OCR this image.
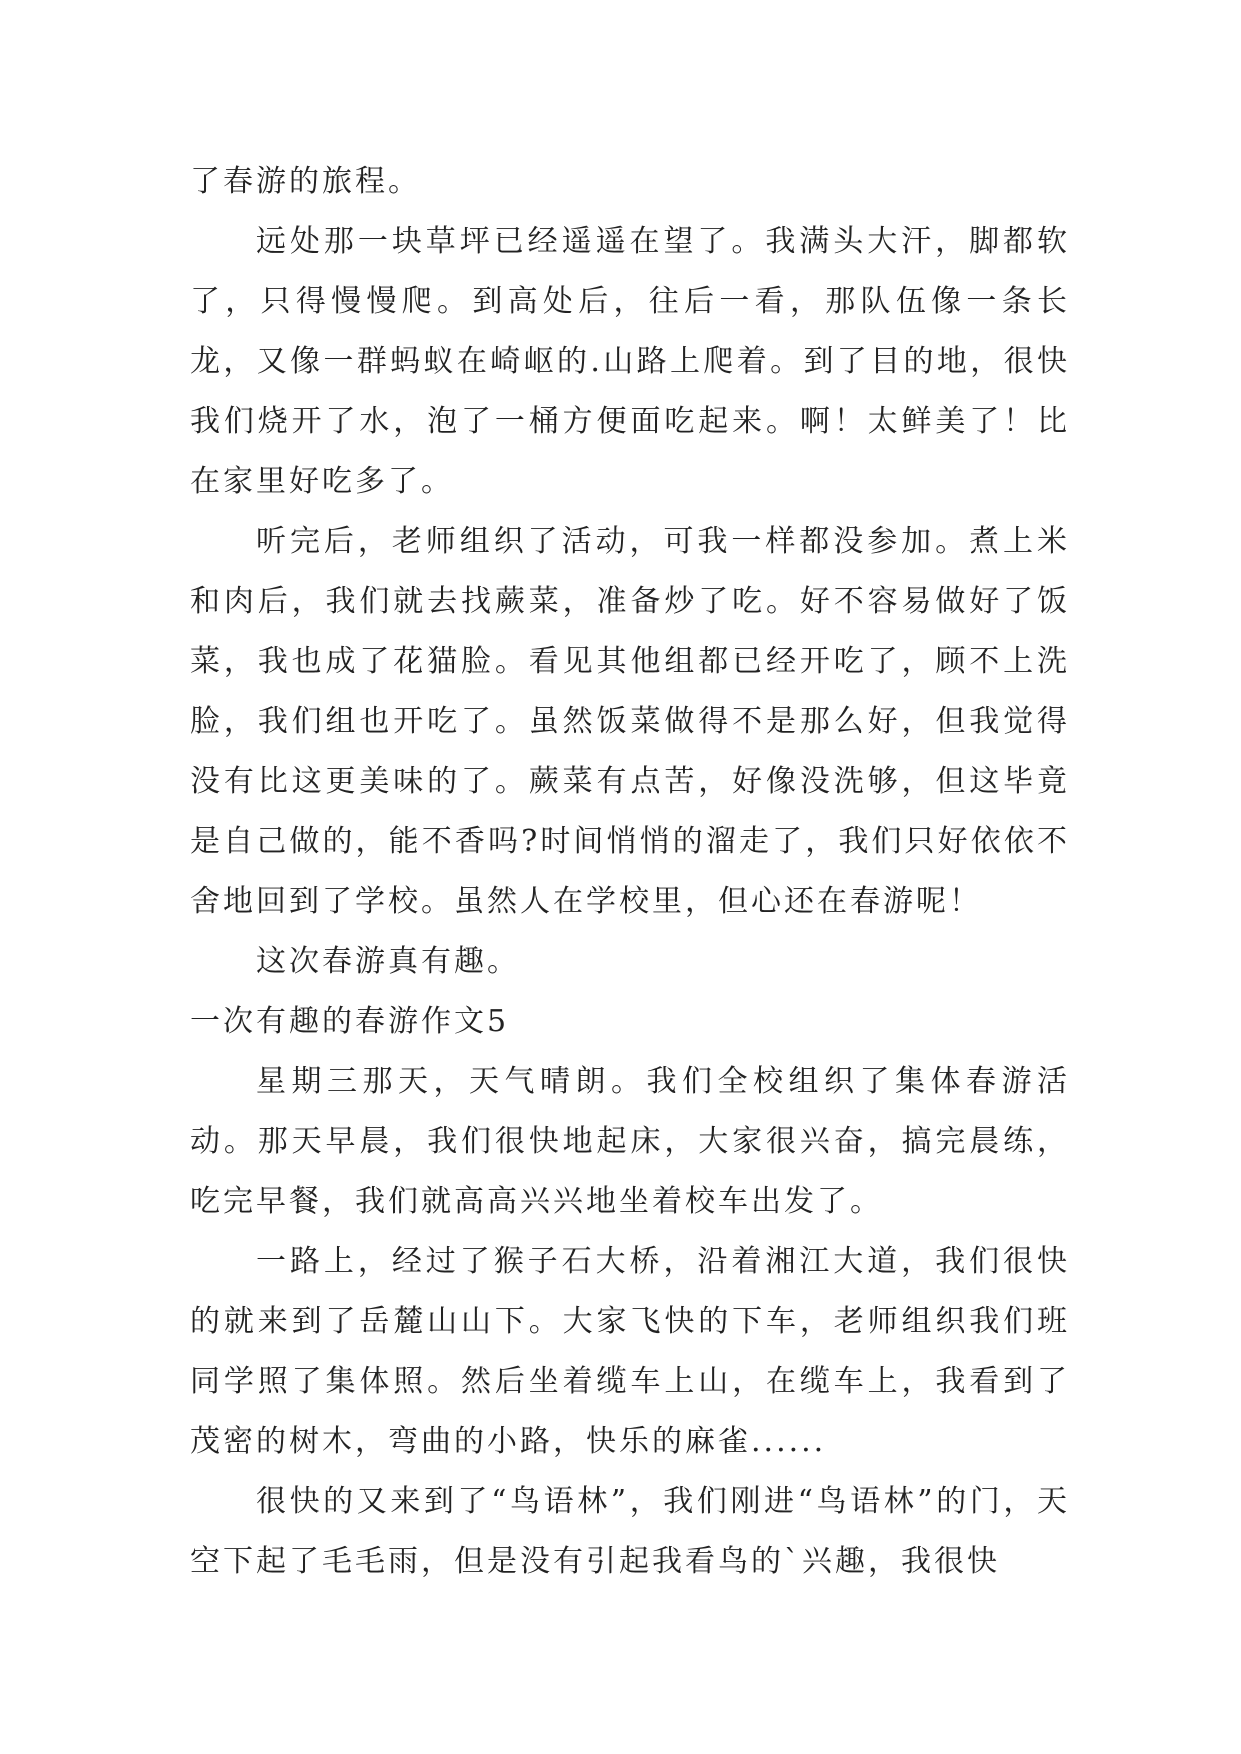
了春游的旅程。

远处那一块草坪已经遥遥在望了。我满头大汗，脚都软了，只得慢慢爬。到高处后，往后一看，那队伍像一条长龙，又像一群蚂蚁在崎岖的.山路上爬着。到了目的地，很快我们烧开了水，泡了一桶方便面吃起来。啊！太鲜美了！比在家里好吃多了。

听完后，老师组织了活动，可我一样都没参加。煮上米和肉后，我们就去找蕨菜，准备炒了吃。好不容易做好了饭菜，我也成了花猫脸。看见其他组都已经开吃了，顾不上洗脸，我们组也开吃了。虽然饭菜做得不是那么好，但我觉得没有比这更美味的了。蕨菜有点苦，好像没洗够，但这毕竟是自己做的，能不香吗?时间悄悄的溜走了，我们只好依依不舍地回到了学校。虽然人在学校里，但心还在春游呢！

这次春游真有趣。

一次有趣的春游作文5

星期三那天，天气晴朗。我们全校组织了集体春游活动。那天早晨，我们很快地起床，大家很兴奋，搞完晨练，吃完早餐，我们就高高兴兴地坐着校车出发了。

一路上，经过了猴子石大桥，沿着湘江大道，我们很快的就来到了岳麓山山下。大家飞快的下车，老师组织我们班同学照了集体照。然后坐着缆车上山，在缆车上，我看到了茂密的树木，弯曲的小路，快乐的麻雀......

很快的又来到了“鸟语林”，我们刚进“鸟语林”的门，天空下起了毛毛雨，但是没有引起我看鸟的`兴趣，我很快
